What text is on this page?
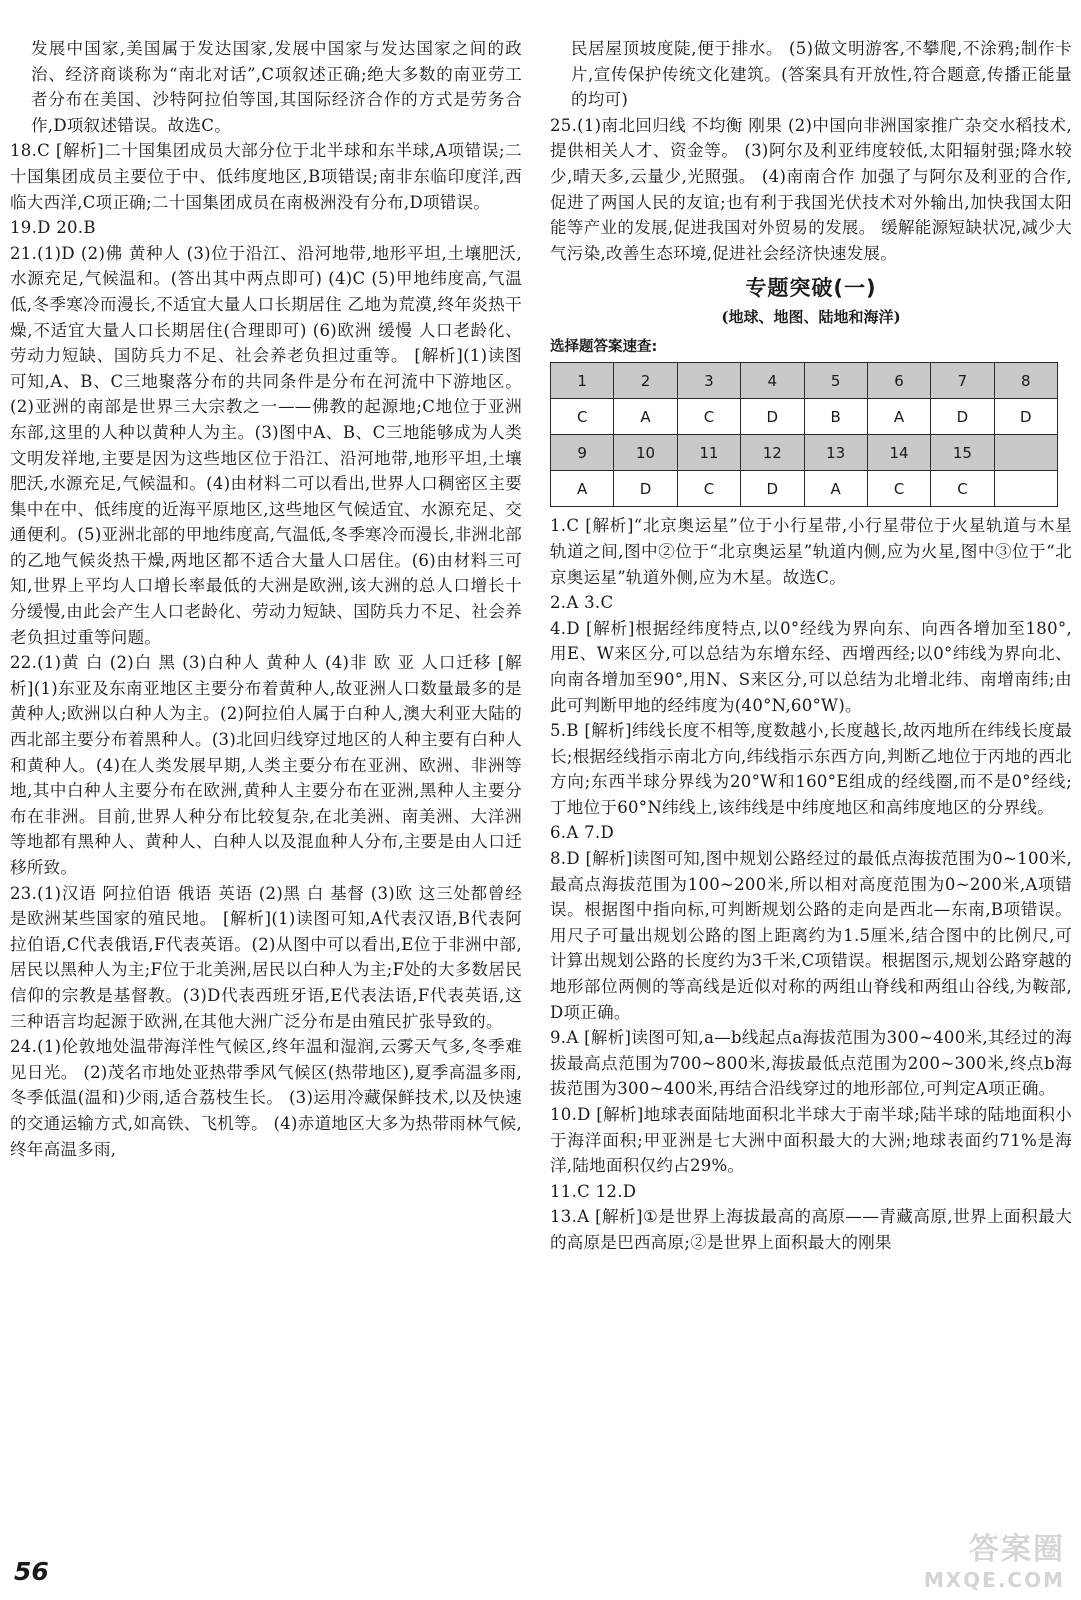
发展中国家,美国属于发达国家,发展中国家与发达国家之间的政治、经济商谈称为“南北对话”,C项叙述正确;绝大多数的南亚劳工者分布在美国、沙特阿拉伯等国,其国际经济合作的方式是劳务合作,D项叙述错误。故选C。

18.C [解析]二十国集团成员大部分位于北半球和东半球,A项错误;二十国集团成员主要位于中、低纬度地区,B项错误;南非东临印度洋,西临大西洋,C项正确;二十国集团成员在南极洲没有分布,D项错误。

19.D 20.B

21.(1)D (2)佛 黄种人 (3)位于沿江、沿河地带,地形平坦,土壤肥沃,水源充足,气候温和。(答出其中两点即可) (4)C (5)甲地纬度高,气温低,冬季寒冷而漫长,不适宜大量人口长期居住 乙地为荒漠,终年炎热干燥,不适宜大量人口长期居住(合理即可) (6)欧洲 缓慢 人口老龄化、劳动力短缺、国防兵力不足、社会养老负担过重等。 [解析](1)读图可知,A、B、C三地聚落分布的共同条件是分布在河流中下游地区。(2)亚洲的南部是世界三大宗教之一——佛教的起源地;C地位于亚洲东部,这里的人种以黄种人为主。(3)图中A、B、C三地能够成为人类文明发祥地,主要是因为这些地区位于沿江、沿河地带,地形平坦,土壤肥沃,水源充足,气候温和。(4)由材料二可以看出,世界人口稠密区主要集中在中、低纬度的近海平原地区,这些地区气候适宜、水源充足、交通便利。(5)亚洲北部的甲地纬度高,气温低,冬季寒冷而漫长,非洲北部的乙地气候炎热干燥,两地区都不适合大量人口居住。(6)由材料三可知,世界上平均人口增长率最低的大洲是欧洲,该大洲的总人口增长十分缓慢,由此会产生人口老龄化、劳动力短缺、国防兵力不足、社会养老负担过重等问题。

22.(1)黄 白 (2)白 黑 (3)白种人 黄种人 (4)非 欧 亚 人口迁移 [解析](1)东亚及东南亚地区主要分布着黄种人,故亚洲人口数量最多的是黄种人;欧洲以白种人为主。(2)阿拉伯人属于白种人,澳大利亚大陆的西北部主要分布着黑种人。(3)北回归线穿过地区的人种主要有白种人和黄种人。(4)在人类发展早期,人类主要分布在亚洲、欧洲、非洲等地,其中白种人主要分布在欧洲,黄种人主要分布在亚洲,黑种人主要分布在非洲。目前,世界人种分布比较复杂,在北美洲、南美洲、大洋洲等地都有黑种人、黄种人、白种人以及混血种人分布,主要是由人口迁移所致。

23.(1)汉语 阿拉伯语 俄语 英语 (2)黑 白 基督 (3)欧 这三处都曾经是欧洲某些国家的殖民地。 [解析](1)读图可知,A代表汉语,B代表阿拉伯语,C代表俄语,F代表英语。(2)从图中可以看出,E位于非洲中部,居民以黑种人为主;F位于北美洲,居民以白种人为主;F处的大多数居民信仰的宗教是基督教。(3)D代表西班牙语,E代表法语,F代表英语,这三种语言均起源于欧洲,在其他大洲广泛分布是由殖民扩张导致的。

24.(1)伦敦地处温带海洋性气候区,终年温和湿润,云雾天气多,冬季难见日光。 (2)茂名市地处亚热带季风气候区(热带地区),夏季高温多雨,冬季低温(温和)少雨,适合荔枝生长。 (3)运用冷藏保鲜技术,以及快速的交通运输方式,如高铁、飞机等。 (4)赤道地区大多为热带雨林气候,终年高温多雨,

民居屋顶坡度陡,便于排水。 (5)做文明游客,不攀爬,不涂鸦;制作卡片,宣传保护传统文化建筑。(答案具有开放性,符合题意,传播正能量的均可)

25.(1)南北回归线 不均衡 刚果 (2)中国向非洲国家推广杂交水稻技术,提供相关人才、资金等。 (3)阿尔及利亚纬度较低,太阳辐射强;降水较少,晴天多,云量少,光照强。 (4)南南合作 加强了与阿尔及利亚的合作,促进了两国人民的友谊;也有利于我国光伏技术对外输出,加快我国太阳能等产业的发展,促进我国对外贸易的发展。 缓解能源短缺状况,减少大气污染,改善生态环境,促进社会经济快速发展。

专题突破(一)
(地球、地图、陆地和海洋)
选择题答案速查:
1	2	3	4	5	6	7	8
C	A	C	D	B	A	D	D
9	10	11	12	13	14	15	
A	D	C	D	A	C	C	

1.C [解析]“北京奥运星”位于小行星带,小行星带位于火星轨道与木星轨道之间,图中②位于“北京奥运星”轨道内侧,应为火星,图中③位于“北京奥运星”轨道外侧,应为木星。故选C。

2.A 3.C

4.D [解析]根据经纬度特点,以0°经线为界向东、向西各增加至180°,用E、W来区分,可以总结为东增东经、西增西经;以0°纬线为界向北、向南各增加至90°,用N、S来区分,可以总结为北增北纬、南增南纬;由此可判断甲地的经纬度为(40°N,60°W)。

5.B [解析]纬线长度不相等,度数越小,长度越长,故丙地所在纬线长度最长;根据经线指示南北方向,纬线指示东西方向,判断乙地位于丙地的西北方向;东西半球分界线为20°W和160°E组成的经线圈,而不是0°经线;丁地位于60°N纬线上,该纬线是中纬度地区和高纬度地区的分界线。

6.A 7.D

8.D [解析]读图可知,图中规划公路经过的最低点海拔范围为0~100米,最高点海拔范围为100~200米,所以相对高度范围为0~200米,A项错误。根据图中指向标,可判断规划公路的走向是西北—东南,B项错误。用尺子可量出规划公路的图上距离约为1.5厘米,结合图中的比例尺,可计算出规划公路的长度约为3千米,C项错误。根据图示,规划公路穿越的地形部位两侧的等高线是近似对称的两组山脊线和两组山谷线,为鞍部,D项正确。

9.A [解析]读图可知,a—b线起点a海拔范围为300~400米,其经过的海拔最高点范围为700~800米,海拔最低点范围为200~300米,终点b海拔范围为300~400米,再结合沿线穿过的地形部位,可判定A项正确。

10.D [解析]地球表面陆地面积北半球大于南半球;陆半球的陆地面积小于海洋面积;甲亚洲是七大洲中面积最大的大洲;地球表面约71%是海洋,陆地面积仅约占29%。

11.C 12.D

13.A [解析]①是世界上海拔最高的高原——青藏高原,世界上面积最大的高原是巴西高原;②是世界上面积最大的刚果

56
答案圈
MXQE.COM
